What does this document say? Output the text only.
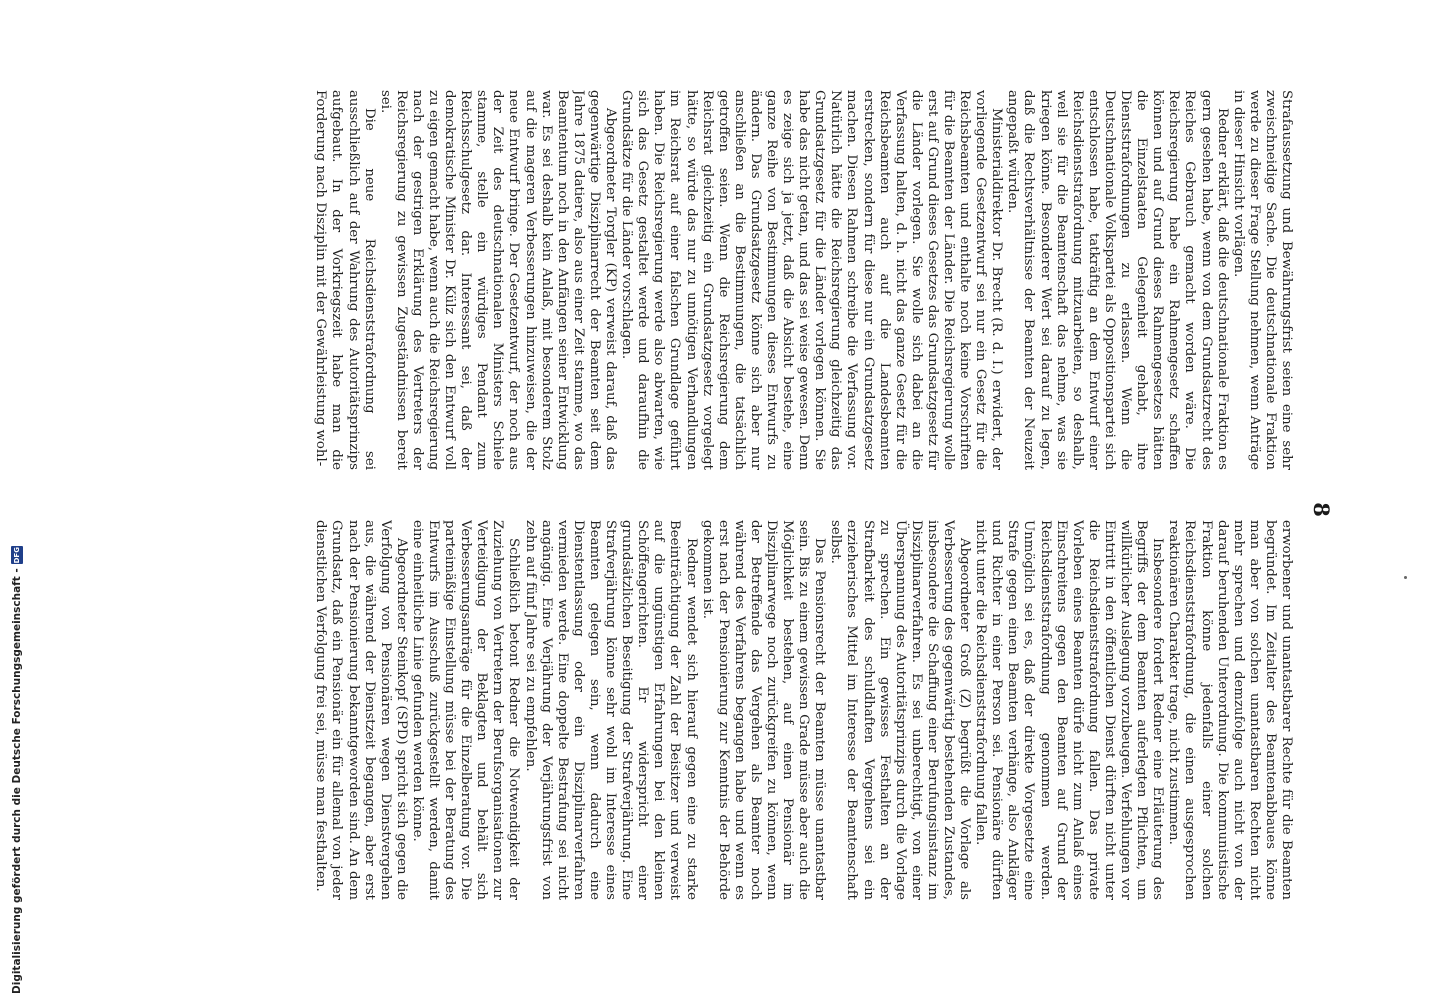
8

Strafaussetzung und Bewährungsfrist seien eine sehr zweischneidige Sache. Die deutschnationale Fraktion werde zu dieser Frage Stellung nehmen, wenn Anträge in dieser Hinsicht vorlägen.

Redner erklärt, daß die deutschnationale Fraktion es gern gesehen habe, wenn von dem Grundsatzrecht des Reiches Gebrauch gemacht worden wäre. Die Reichsregierung habe ein Rahmengesetz schaffen können und auf Grund dieses Rahmengesetzes hätten die Einzelstaaten Gelegenheit gehabt, ihre Dienststrafordnungen zu erlassen. Wenn die Deutschnationale Volkspartei als Oppositionspartei sich entschlossen habe, tatkräftig an dem Entwurf einer Reichsdienststrafordnung mitzuarbeiten, so deshalb, weil sie für die Beamtenschaft das nehme, was sie kriegen könne. Besonderer Wert sei darauf zu legen, daß die Rechtsverhältnisse der Beamten der Neuzeit angepaßt würden.

Ministerialdirektor Dr. Brecht (R. d. I.) erwidert, der vorliegende Gesetzentwurf sei nur ein Gesetz für die Reichsbeamten und enthalte noch keine Vorschriften für die Beamten der Länder. Die Reichsregierung wolle erst auf Grund dieses Gesetzes das Grundsatzgesetz für die Länder vorlegen. Sie wolle sich dabei an die Verfassung halten, d. h. nicht das ganze Gesetz für die Reichsbeamten auch auf die Landesbeamten erstrecken, sondern für diese nur ein Grundsatzgesetz machen. Diesen Rahmen schreibe die Verfassung vor. Natürlich hätte die Reichsregierung gleichzeitig das Grundsatzgesetz für die Länder vorlegen können. Sie habe das nicht getan, und das sei weise gewesen. Denn es zeige sich ja jetzt, daß die Absicht bestehe, eine ganze Reihe von Bestimmungen dieses Entwurfs zu ändern. Das Grundsatzgesetz könne sich aber nur anschließen an die Bestimmungen, die tatsächlich getroffen seien. Wenn die Reichsregierung dem Reichsrat gleichzeitig ein Grundsatzgesetz vorgelegt hätte, so würde das nur zu unnötigen Verhandlungen im Reichsrat auf einer falschen Grundlage geführt haben. Die Reichsregierung werde also abwarten, wie sich das Gesetz gestaltet werde und daraufhin die Grundsätze für die Länder vorschlagen.

Abgeordneter Torgler (KP) verweist darauf, daß das gegenwärtige Disziplinarrecht der Beamten seit dem Jahre 1875 datiere, also aus einer Zeit stamme, wo das Beamtentum noch in den Anfängen seiner Entwicklung war. Es sei deshalb kein Anlaß, mit besonderem Stolz auf die mageren Verbesserungen hinzuweisen, die der neue Entwurf bringe. Der Gesetzentwurf, der noch aus der Zeit des deutschnationalen Ministers Schiele stamme, stelle ein würdiges Pendant zum Reichsschulgesetz dar. Interessant sei, daß der demokratische Minister Dr. Külz sich den Entwurf voll zu eigen gemacht habe, wenn auch die Reichsregierung nach der gestrigen Erklärung des Vertreters der Reichsregierung zu gewissen Zugeständnissen bereit sei.

Die neue Reichsdienststrafordnung sei ausschließlich auf der Wahrung des Autoritätsprinzips aufgebaut. In der Vorkriegszeit habe man die Forderung nach Disziplin mit der Gewährleistung wohl-

erworbener und unantastbarer Rechte für die Beamten begründet. Im Zeitalter des Beamtenabbaues könne man aber von solchen unantastbaren Rechten nicht mehr sprechen und demzufolge auch nicht von der darauf beruhenden Unterordnung. Die kommunistische Fraktion könne jedenfalls einer solchen Reichsdienststrafordnung, die einen ausgesprochen reaktionären Charakter trage, nicht zustimmen.

Insbesondere fordert Redner eine Erläuterung des Begriffs der dem Beamten auferlegten Pflichten, um willkürlicher Auslegung vorzubeugen. Verfehlungen vor Eintritt in den öffentlichen Dienst dürften nicht unter die Reichsdienststrafordnung fallen. Das private Vorleben eines Beamten dürfe nicht zum Anlaß eines Einschreitens gegen den Beamten auf Grund der Reichsdienststrafordnung genommen werden. Unmöglich sei es, daß der direkte Vorgesetzte eine Strafe gegen einen Beamten verhänge, also Ankläger und Richter in einer Person sei. Pensionäre dürften nicht unter die Reichsdienststrafordnung fallen.

Abgeordneter Groß (Z) begrüßt die Vorlage als Verbesserung des gegenwärtig bestehenden Zustandes, insbesondere die Schaffung einer Berufungsinstanz im Disziplinarverfahren. Es sei unberechtigt, von einer Überspannung des Autoritätsprinzips durch die Vorlage zu sprechen. Ein gewisses Festhalten an der Strafbarkeit des schuldhaften Vergehens sei ein erzieherisches Mittel im Interesse der Beamtenschaft selbst.

Das Pensionsrecht der Beamten müsse unantastbar sein. Bis zu einem gewissen Grade müsse aber auch die Möglichkeit bestehen, auf einen Pensionär im Disziplinarwege noch zurückgreifen zu können, wenn der Betreffende das Vergehen als Beamter noch während des Verfahrens begangen habe und wenn es erst nach der Pensionierung zur Kenntnis der Behörde gekommen ist.

Redner wendet sich hierauf gegen eine zu starke Beeinträchtigung der Zahl der Beisitzer und verweist auf die ungünstigen Erfahrungen bei den kleinen Schöffengerichten. Er widerspricht einer grundsätzlichen Beseitigung der Strafverjährung. Eine Strafverjährung könne sehr wohl im Interesse eines Beamten gelegen sein, wenn dadurch eine Dienstentlassung oder ein Disziplinarverfahren vermieden werde. Eine doppelte Bestrafung sei nicht angängig. Eine Verjährung der Verjährungsfrist von zehn auf fünf Jahre sei zu empfehlen.

Schließlich betont Redner die Notwendigkeit der Zuziehung von Vertretern der Berufsorganisationen zur Verteidigung der Beklagten und behält sich Verbesserungsanträge für die Einzelberatung vor. Die parteimäßige Einstellung müsse bei der Beratung des Entwurfs im Ausschuß zurückgestellt werden, damit eine einheitliche Linie gefunden werden könne.

Abgeordneter Steinkopf (SPD) spricht sich gegen die Verfolgung von Pensionären wegen Dienstvergehen aus, die während der Dienstzeit begangen, aber erst nach der Pensionierung bekanntgeworden sind. An dem Grundsatz, daß ein Pensionär ein für allemal von jeder dienstlichen Verfolgung frei sei, müsse man festhalten.

Digitalisierung gefördert durch die Deutsche Forschungsgemeinschaft -
DFG
